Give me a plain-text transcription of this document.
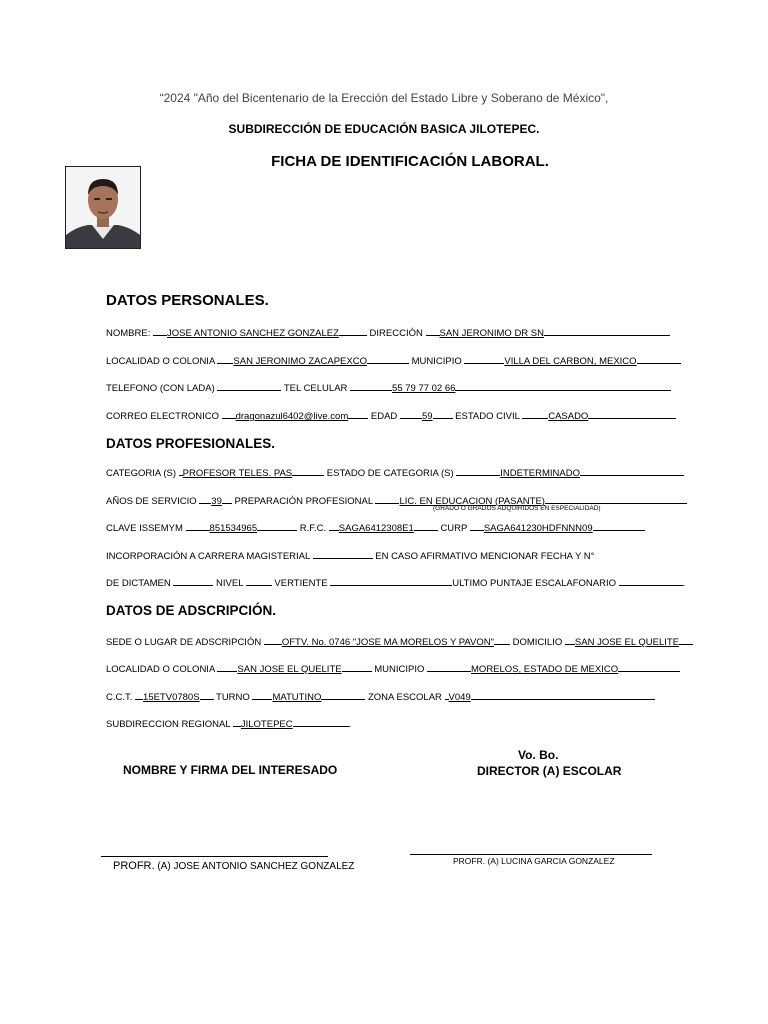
“2024 "Año del Bicentenario de la Erección del Estado Libre y Soberano de México",
SUBDIRECCIÓN DE EDUCACIÓN BASICA JILOTEPEC.
FICHA DE IDENTIFICACIÓN LABORAL.
DATOS PERSONALES.
NOMBRE: JOSE ANTONIO SANCHEZ GONZALEZ	DIRECCIÓN SAN JERONIMO DR SN
LOCALIDAD O COLONIA SAN JERONIMO ZACAPEXCO	MUNICIPIO	VILLA DEL CARBON, MEXICO
TELEFONO (CON LADA)	TEL CELULAR	55 79 77 02 66
CORREO ELECTRONICO dragonazul6402@live.com EDAD	59 ESTADO CIVIL	CASADO
DATOS PROFESIONALES.
CATEGORIA (S) PROFESOR TELES. PAS	ESTADO DE CATEGORIA (S)	INDETERMINADO
AÑOS DE SERVICIO 39 PREPARACIÓN PROFESIONAL	LIC. EN EDUCACION (PASANTE)
(GRADO O GRADOS ADQUIRIDOS EN ESPECIALIDAD)
CLAVE ISSEMYM	851534965	R.F.C. SAGA6412308E1	CURP SAGA641230HDFNNN09
INCORPORACIÓN A CARRERA MAGISTERIAL	EN CASO AFIRMATIVO MENCIONAR FECHA Y N°
DE DICTAMEN	NIVEL	VERTIENTE	ULTIMO PUNTAJE ESCALAFONARIO	.
DATOS DE ADSCRIPCIÓN.
SEDE O LUGAR DE ADSCRIPCIÓN OFTV. No. 0746 "JOSE MA MORELOS Y PAVON" DOMICILIO SAN JOSE EL QUELITE
LOCALIDAD O COLONIA SAN JOSE EL QUELITE	MUNICIPIO	MORELOS, ESTADO DE MEXICO
C.C.T. 15ETV0780S TURNO MATUTINO	ZONA ESCOLAR V049
SUBDIRECCION REGIONAL JILOTEPEC	.
NOMBRE Y FIRMA DEL INTERESADO
Vo. Bo.
DIRECTOR (A) ESCOLAR
PROFR. (A) JOSE ANTONIO SANCHEZ GONZALEZ	PROFR. (A) LUCINA GARCIA GONZALEZ
